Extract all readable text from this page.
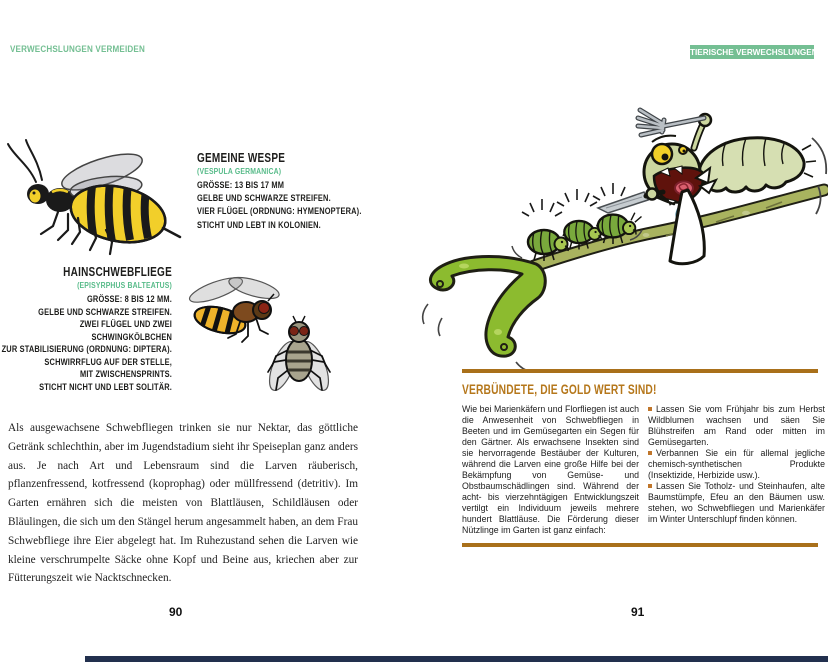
VERWECHSLUNGEN VERMEIDEN	TIERISCHE VERWECHSLUNGEN
GEMEINE WESPE
(VESPULA GERMANICA)
GRÖSSE: 13 BIS 17 MM
GELBE UND SCHWARZE STREIFEN.
VIER FLÜGEL (ORDNUNG: HYMENOPTERA).
STICHT UND LEBT IN KOLONIEN.
HAINSCHWEBFLIEGE
(EPISYRPHUS BALTEATUS)
GRÖSSE: 8 BIS 12 MM.
GELBE UND SCHWARZE STREIFEN.
ZWEI FLÜGEL UND ZWEI SCHWINGKÖLBCHEN
ZUR STABILISIERUNG (ORDNUNG: DIPTERA).
SCHWIRRFLUG AUF DER STELLE,
MIT ZWISCHENSPRINTS.
STICHT NICHT UND LEBT SOLITÄR.

Als ausgewachsene Schwebfliegen trinken sie nur Nektar, das göttliche Getränk schlechthin, aber im Jugendstadium sieht ihr Speiseplan ganz anders aus. Je nach Art und Lebensraum sind die Larven räuberisch, pflanzenfressend, kotfressend (koprophag) oder müllfressend (detritiv). Im Garten ernähren sich die meisten von Blattläusen, Schildläusen oder Bläulingen, die sich um den Stängel herum angesammelt haben, an dem Frau Schwebfliege ihre Eier abgelegt hat. Im Ruhezustand sehen die Larven wie kleine verschrumpelte Säcke ohne Kopf und Beine aus, kriechen aber zur Fütterungszeit wie Nacktschnecken.

90
VERBÜNDETE, DIE GOLD WERT SIND!

Wie bei Marienkäfern und Florfliegen ist auch die Anwesenheit von Schwebfliegen in Beeten und im Gemüsegarten ein Segen für den Gärtner. Als erwachsene Insekten sind sie hervorragende Bestäuber der Kulturen, während die Larven eine große Hilfe bei der Bekämpfung von Gemüse- und Obstbaumschädlingen sind. Während der acht- bis vierzehntägigen Entwicklungszeit vertilgt ein Individuum jeweils mehrere hundert Blattläuse. Die Förderung dieser Nützlinge im Garten ist ganz einfach:

Lassen Sie vom Frühjahr bis zum Herbst Wildblumen wachsen und säen Sie Blühstreifen am Rand oder mitten im Gemüsegarten.

Verbannen Sie ein für allemal jegliche chemisch-synthetischen Produkte (Insektizide, Herbizide usw.).

Lassen Sie Totholz- und Steinhaufen, alte Baumstümpfe, Efeu an den Bäumen usw. stehen, wo Schwebfliegen und Marienkäfer im Winter Unterschlupf finden können.

91
